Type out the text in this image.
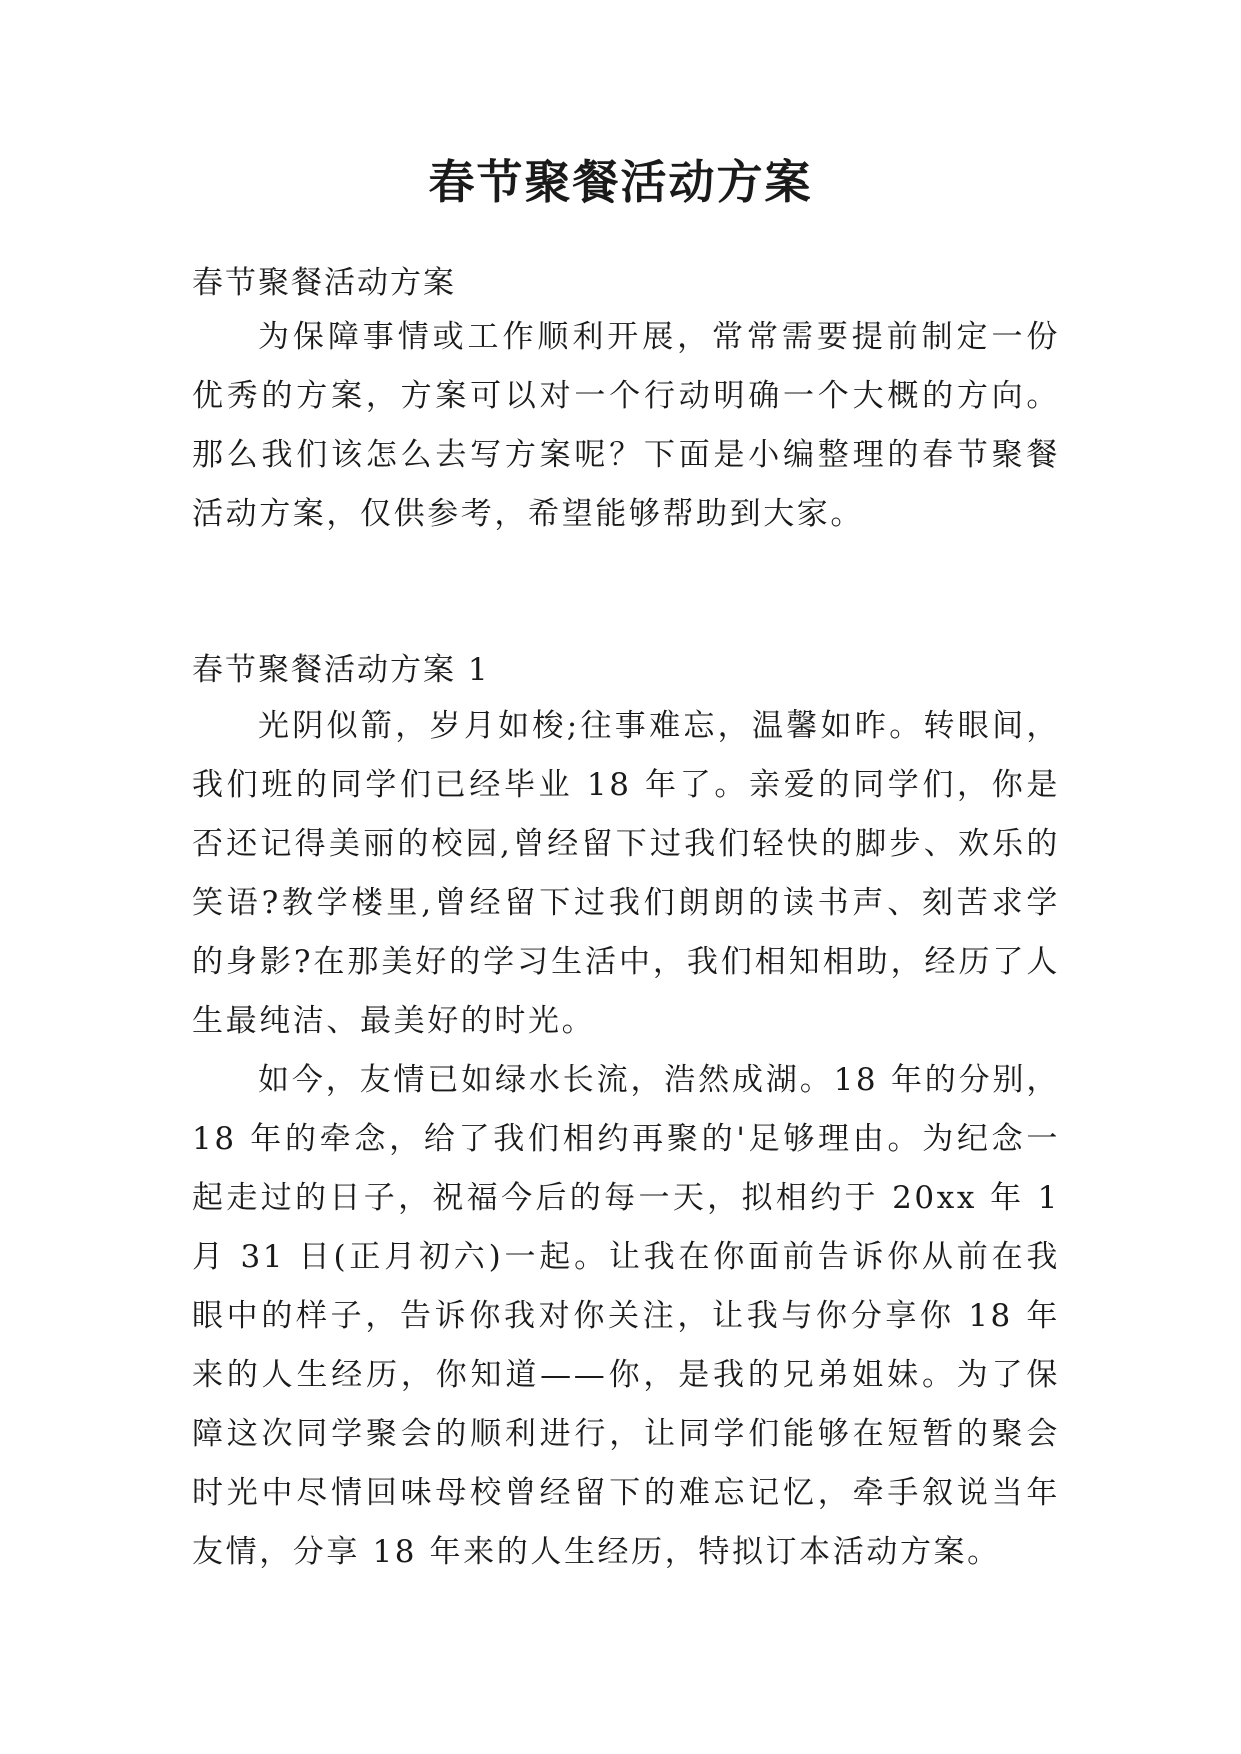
春节聚餐活动方案

春节聚餐活动方案

为保障事情或工作顺利开展，常常需要提前制定一份优秀的方案，方案可以对一个行动明确一个大概的方向。那么我们该怎么去写方案呢？下面是小编整理的春节聚餐活动方案，仅供参考，希望能够帮助到大家。

春节聚餐活动方案 1

光阴似箭，岁月如梭;往事难忘，温馨如昨。转眼间，我们班的同学们已经毕业 18 年了。亲爱的同学们，你是否还记得美丽的校园,曾经留下过我们轻快的脚步、欢乐的笑语?教学楼里,曾经留下过我们朗朗的读书声、刻苦求学的身影?在那美好的学习生活中，我们相知相助，经历了人生最纯洁、最美好的时光。

如今，友情已如绿水长流，浩然成湖。18 年的分别，18 年的牵念，给了我们相约再聚的'足够理由。为纪念一起走过的日子，祝福今后的每一天，拟相约于 20xx 年 1 月 31 日(正月初六)一起。让我在你面前告诉你从前在我眼中的样子，告诉你我对你关注，让我与你分享你 18 年来的人生经历，你知道——你，是我的兄弟姐妹。为了保障这次同学聚会的顺利进行，让同学们能够在短暂的聚会时光中尽情回味母校曾经留下的难忘记忆，牵手叙说当年友情，分享 18 年来的人生经历，特拟订本活动方案。
